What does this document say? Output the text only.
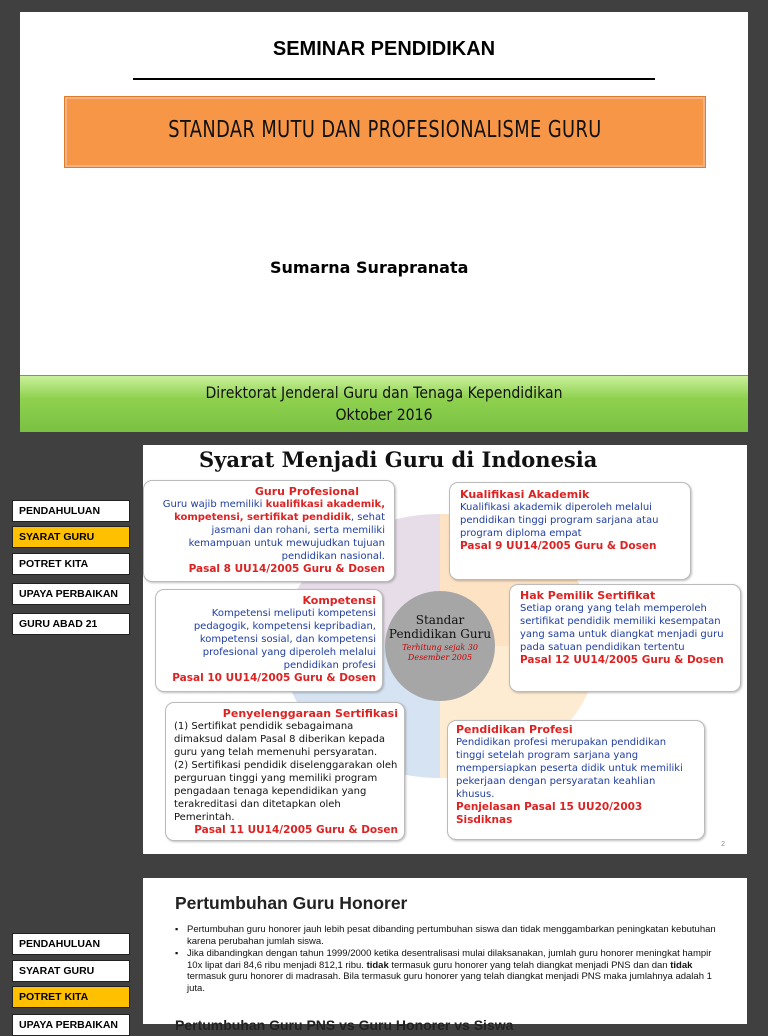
SEMINAR PENDIDIKAN
STANDAR MUTU DAN PROFESIONALISME GURU
Sumarna Surapranata
Direktorat Jenderal Guru dan Tenaga Kependidikan
Oktober 2016
PENDAHULUAN
SYARAT GURU
POTRET KITA
UPAYA PERBAIKAN
GURU ABAD 21
Syarat Menjadi Guru di Indonesia
Guru Profesional
Guru wajib memiliki kualifikasi akademik, kompetensi, sertifikat pendidik, sehat jasmani dan rohani, serta memiliki kemampuan untuk mewujudkan tujuan pendidikan nasional.
Pasal 8 UU14/2005 Guru & Dosen
Kualifikasi Akademik
Kualifikasi akademik diperoleh melalui pendidikan tinggi program sarjana atau program diploma empat
Pasal 9 UU14/2005 Guru & Dosen
Kompetensi
Kompetensi meliputi kompetensi pedagogik, kompetensi kepribadian, kompetensi sosial, dan kompetensi profesional yang diperoleh melalui pendidikan profesi
Pasal 10 UU14/2005 Guru & Dosen
Hak Pemilik Sertifikat
Setiap orang yang telah memperoleh sertifikat pendidik memiliki kesempatan yang sama untuk diangkat menjadi guru pada satuan pendidikan tertentu
Pasal 12 UU14/2005 Guru & Dosen
Penyelenggaraan Sertifikasi
(1) Sertifikat pendidik sebagaimana dimaksud dalam Pasal 8 diberikan kepada guru yang telah memenuhi persyaratan.
(2) Sertifikasi pendidik diselenggarakan oleh perguruan tinggi yang memiliki program pengadaan tenaga kependidikan yang terakreditasi dan ditetapkan oleh Pemerintah.
Pasal 11 UU14/2005 Guru & Dosen
Pendidikan Profesi
Pendidikan profesi merupakan pendidikan tinggi setelah program sarjana yang mempersiapkan peserta didik untuk memiliki pekerjaan dengan persyaratan keahlian khusus.
Penjelasan Pasal 15 UU20/2003 Sisdiknas
Standar
Pendidikan Guru
Terhitung sejak 30 Desember 2005
2
PENDAHULUAN
SYARAT GURU
POTRET KITA
UPAYA PERBAIKAN
Pertumbuhan Guru Honorer
▪ Pertumbuhan guru honorer jauh lebih pesat dibanding pertumbuhan siswa dan tidak menggambarkan peningkatan kebutuhan karena perubahan jumlah siswa.
▪ Jika dibandingkan dengan tahun 1999/2000 ketika desentralisasi mulai dilaksanakan, jumlah guru honorer meningkat hampir 10x lipat dari 84,6 ribu menjadi 812,1 ribu. tidak termasuk guru honorer yang telah diangkat menjadi PNS dan dan tidak termasuk guru honorer di madrasah. Bila termasuk guru honorer yang telah diangkat menjadi PNS maka jumlahnya adalah 1 juta.
Pertumbuhan Guru PNS vs Guru Honorer vs Siswa
